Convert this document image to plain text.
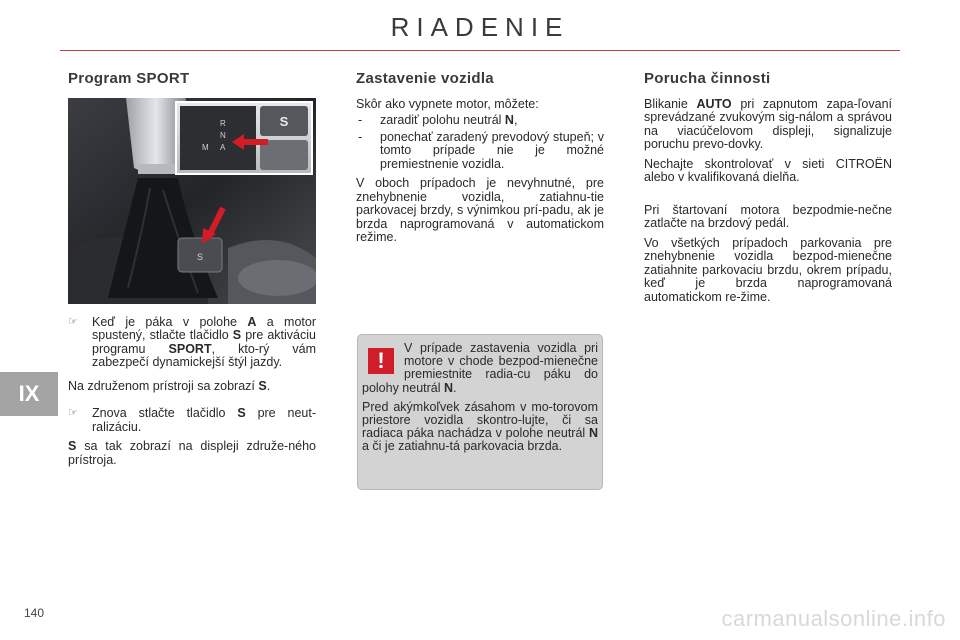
RIADENIE
Program SPORT
S
S
M
R
N
A

☞ Keď je páka v polohe A a motor spustený, stlačte tlačidlo S pre aktiváciu programu SPORT, kto-rý vám zabezpečí dynamickejší štýl jazdy.

Na združenom prístroji sa zobrazí S.

☞ Znova stlačte tlačidlo S pre neut-ralizáciu.

S sa tak zobrazí na displeji združe-ného prístroja.

Zastavenie vozidla

Skôr ako vypnete motor, môžete:

- zaradiť polohu neutrál N,

- ponechať zaradený prevodový stupeň; v tomto prípade nie je možné premiestnenie vozidla.

V oboch prípadoch je nevyhnutné, pre znehybnenie vozidla, zatiahnu-tie parkovacej brzdy, s výnimkou prí-padu, ak je brzda naprogramovaná v automatickom režime.

!

V prípade zastavenia vozidla pri motore v chode bezpod-mienečne premiestnite radia-cu páku do polohy neutrál N.

Pred akýmkoľvek zásahom v mo-torovom priestore vozidla skontro-lujte, či sa radiaca páka nachádza v polohe neutrál N a či je zatiahnu-tá parkovacia brzda.

Porucha činnosti

Blikanie AUTO pri zapnutom zapa-ľovaní sprevádzané zvukovým sig-nálom a správou na viacúčelovom displeji, signalizuje poruchu prevo-dovky.

Nechajte skontrolovať v sieti CITROËN alebo v kvalifikovaná dielňa.

Pri štartovaní motora bezpodmie-nečne zatlačte na brzdový pedál.

Vo všetkých prípadoch parkovania pre znehybnenie vozidla bezpod-mienečne zatiahnite parkovaciu brzdu, okrem prípadu, keď je brzda naprogramovaná automatickom re-žime.

IX
140	carmanualsonline.info
